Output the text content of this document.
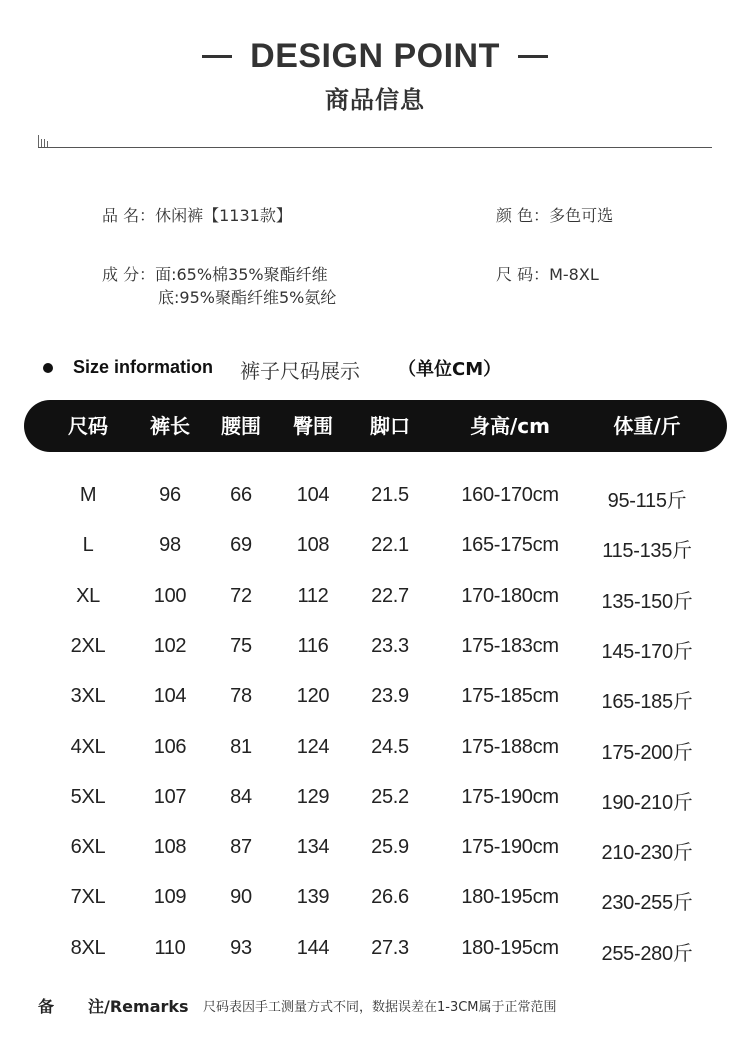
DESIGN POINT
商品信息
品 名：休闲裤【1131款】	颜 色：多色可选
成 分：面:65%棉35%聚酯纤维
底:95%聚酯纤维5%氨纶
尺 码：M-8XL
Size information 裤子尺码展示 （单位CM）
尺码 裤长 腰围 臀围 脚口	身高/cm	体重/斤
M	96 66 104 21.5	160-170cm 95-115斤
L	98 69 108 22.1	165-175cm 115-135斤
XL	100 72 112 22.7	170-180cm 135-150斤
2XL 102 75 116 23.3	175-183cm 145-170斤
3XL 104 78 120 23.9	175-185cm 165-185斤
4XL 106 81 124 24.5	175-188cm 175-200斤
5XL 107 84 129 25.2	175-190cm 190-210斤
6XL 108 87 134 25.9	175-190cm 210-230斤
7XL 109 90 139 26.6	180-195cm 230-255斤
8XL 110 93 144 27.3	180-195cm 255-280斤
备 注/Remarks 尺码表因手工测量方式不同，数据误差在1-3CM属于正常范围
